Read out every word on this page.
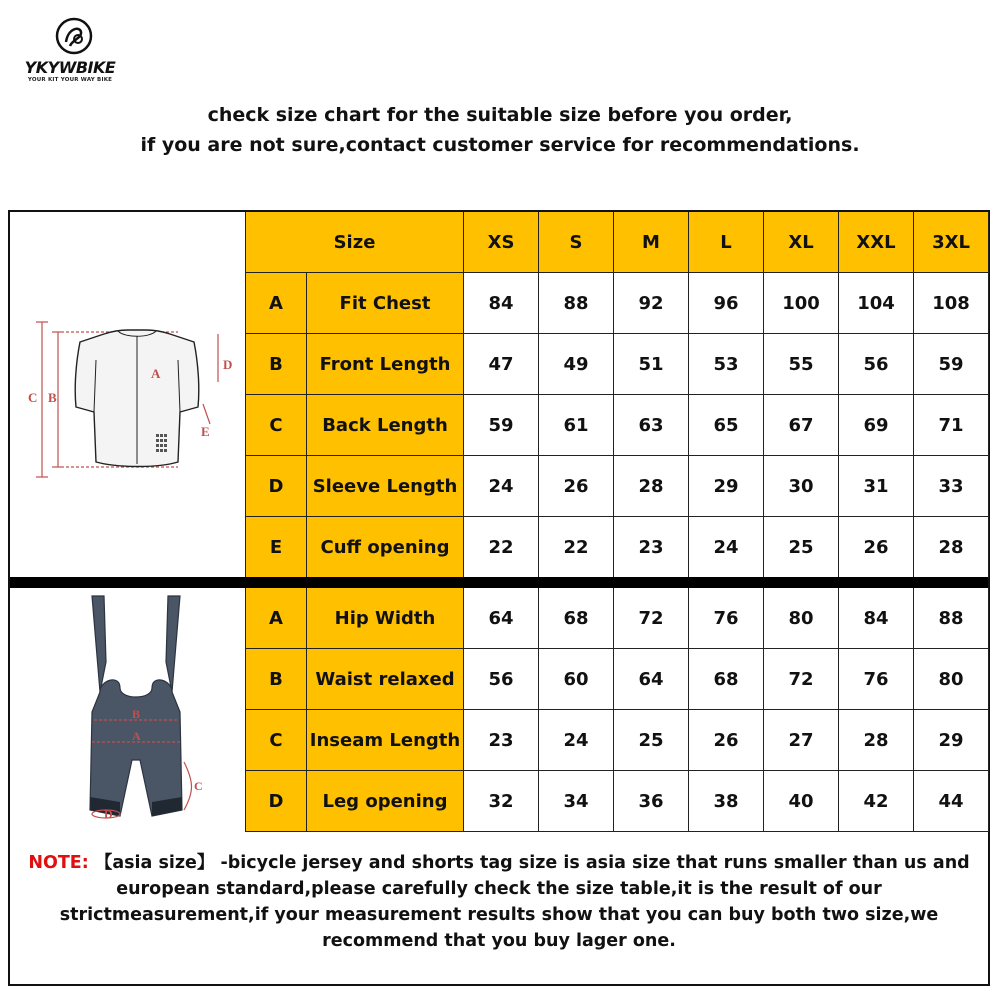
YKYWBIKE
YOUR KIT YOUR WAY BIKE
check size chart for the suitable size before you order,
if you are not sure,contact customer service for recommendations.
C B
A
D
E
B
A
C
D
Size	XS	S	M	L	XL	XXL	3XL
A	Fit Chest	84	88	92	96	100	104	108
B	Front Length	47	49	51	53	55	56	59
C	Back Length	59	61	63	65	67	69	71
D	Sleeve Length	24	26	28	29	30	31	33
E	Cuff opening	22	22	23	24	25	26	28
A	Hip Width	64	68	72	76	80	84	88
B	Waist relaxed	56	60	64	68	72	76	80
C	Inseam Length	23	24	25	26	27	28	29
D	Leg opening	32	34	36	38	40	42	44
NOTE: 【asia size】 -bicycle jersey and shorts tag size is asia size that runs smaller than us and european standard,please carefully check the size table,it is the result of our strictmeasurement,if your measurement results show that you can buy both two size,we recommend that you buy lager one.
